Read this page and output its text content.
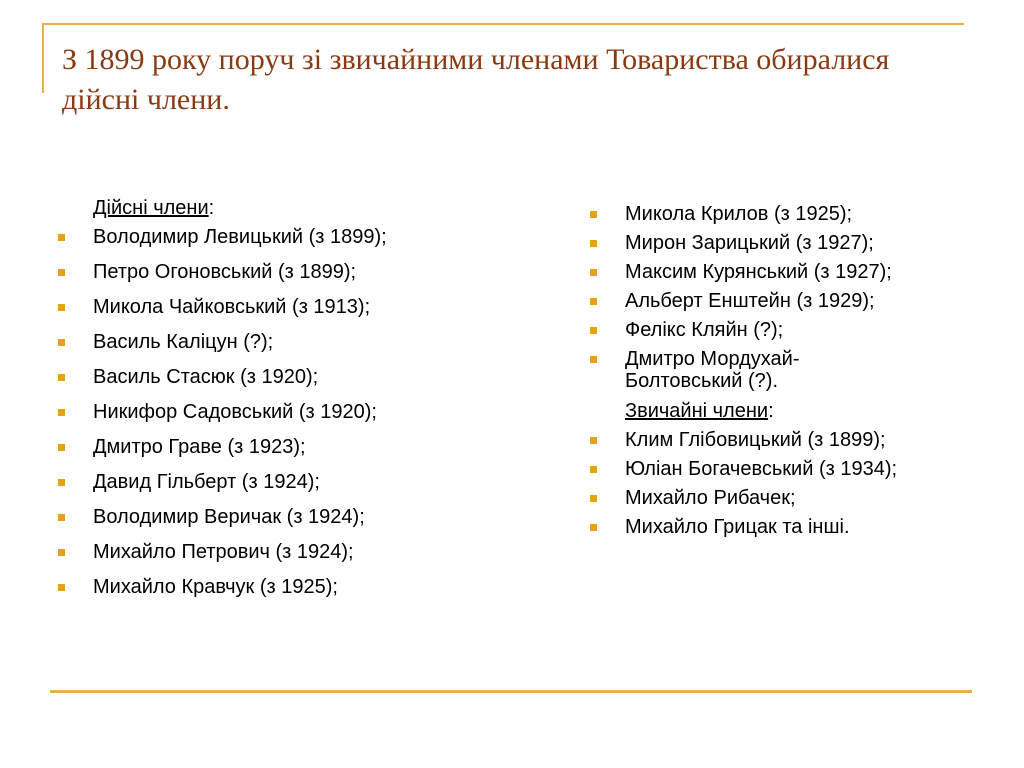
З 1899 року поруч зі звичайними членами Товариства обиралися дійсні члени.
Дійсні члени:
Володимир Левицький (з 1899);
Петро Огоновський (з 1899);
Микола Чайковський (з 1913);
Василь Каліцун (?);
Василь Стасюк (з 1920);
Никифор Садовський (з 1920);
Дмитро Граве (з 1923);
Давид Гільберт (з 1924);
Володимир Веричак (з 1924);
Михайло Петрович (з 1924);
Михайло Кравчук (з 1925);
Микола Крилов (з 1925);
Мирон Зарицький (з 1927);
Максим Курянський (з 1927);
Альберт Енштейн (з 1929);
Фелікс Кляйн (?);
Дмитро Мордухай-Болтовський (?).
Звичайні члени:
Клим Глібовицький (з 1899);
Юліан Богачевський (з 1934);
Михайло Рибачек;
Михайло Грицак та інші.
